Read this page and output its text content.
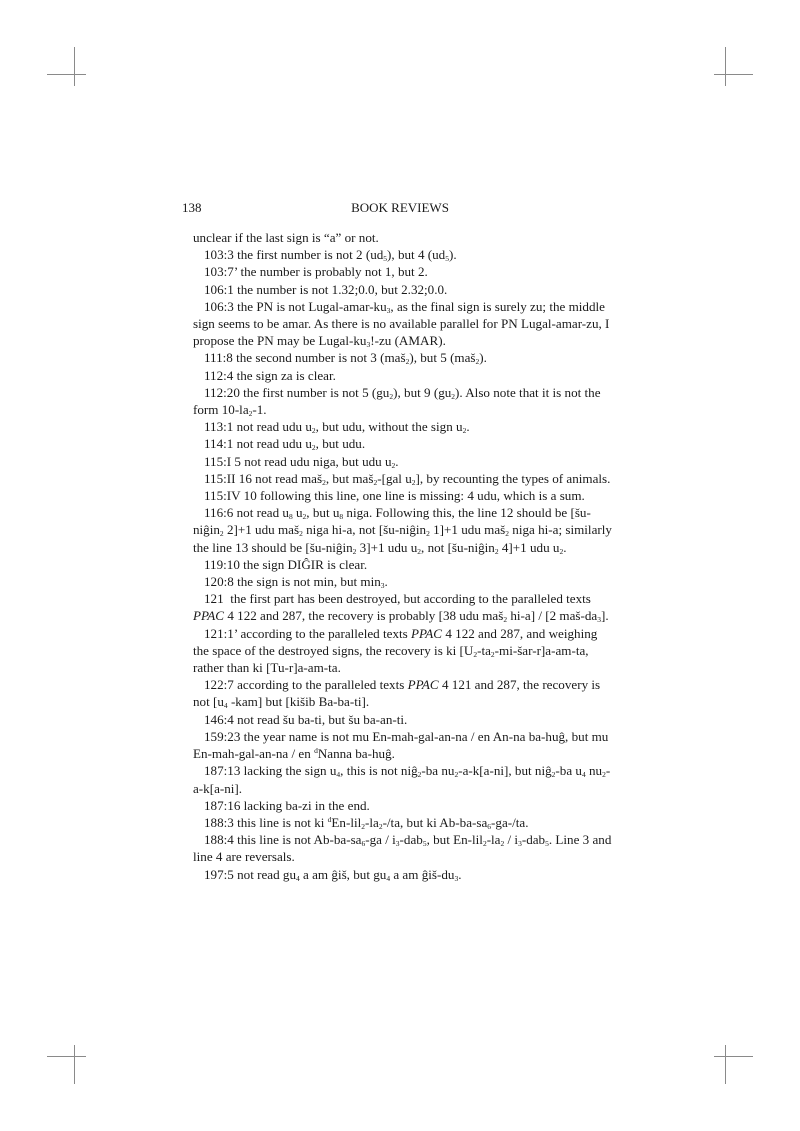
138	BOOK REVIEWS

unclear if the last sign is “a” or not.

103:3 the first number is not 2 $(ud_5)$, but 4 $(ud_5)$.

103:7’ the number is probably not 1, but 2.

106:1 the number is not 1.32;0.0, but 2.32;0.0.

106:3 the PN is not Lugal-$amar-ku_3$, as the final sign is surely zu; the middle sign seems to be amar. As there is no available parallel for PN Lugal-amar-zu, I propose the PN may be Lugal-$ku_3!-zu$ (AMAR).

111:8 the second number is not 3 (maš$_2$), but 5 (maš$_2$).

112:4 the sign za is clear.

112:20 the first number is not 5 $(gu_2)$, but 9 $(gu_2)$. Also note that it is not the form $10-la_2-1$.

113:1 not read udu $u_2$, but udu, without the sign $u_2$.

114:1 not read udu $u_2$, but udu.

115:I 5 not read udu niga, but udu $u_2$.

115:II 16 not read maš$_2$, but maš$_2$-[gal $u_2$], by recounting the types of animals.

115:IV 10 following this line, one line is missing: 4 udu, which is a sum.

116:6 not read $u_8$ $u_2$, but $u_8$ niga. Following this, the line 12 should be [šu-niĝin$_2$ 2]+1 udu maš$_2$ niga hi-a, not [šu-niĝin$_2$ 1]+1 udu maš$_2$ niga hi-a; similarly the line 13 should be [šu-niĝin$_2$ 3]+1 udu $u_2$, not [šu-niĝin$_2$ 4]+1 udu $u_2$.

119:10 the sign DIĜIR is clear.

120:8 the sign is not min, but $\min_3$.

121  the first part has been destroyed, but according to the paralleled texts PPAC 4 122 and 287, the recovery is probably [38 udu maš$_2$ hi-a] / [2 maš-$da_3$].

121:1’ according to the paralleled texts PPAC 4 122 and 287, and weighing the space of the destroyed signs, the recovery is ki $[U_2-ta_2-mi-šar-r]a-am-ta$, rather than ki [Tu-r]a-am-ta.

122:7 according to the paralleled texts PPAC 4 121 and 287, the recovery is not [$u_4$ -kam] but [kišib Ba-ba-ti].

146:4 not read šu ba-ti, but šu ba-an-ti.

159:23 the year name is not mu En-mah-gal-an-na / en An-na ba-huĝ, but mu En-mah-gal-an-na / en $^d$Nanna ba-huĝ.

187:13 lacking the sign $u_4$, this is not niĝ$_2$-ba $nu_2-a-k[a-ni]$, but niĝ$_2$-ba $u_4$ $nu_2-a-k[a-ni]$.

187:16 lacking ba-zi in the end.

188:3 this line is not ki $^dEn-lil_2-la_2-/ta$, but ki $Ab-ba-sa_6-ga-/ta$.

188:4 this line is not $Ab-ba-sa_6-ga / i_3-dab_5$, but $En-lil_2-la_2 / i_3-dab_5$. Line 3 and line 4 are reversals.

197:5 not read $gu_4$ a am ĝiš, but $gu_4$ a am ĝiš-$du_3$.
